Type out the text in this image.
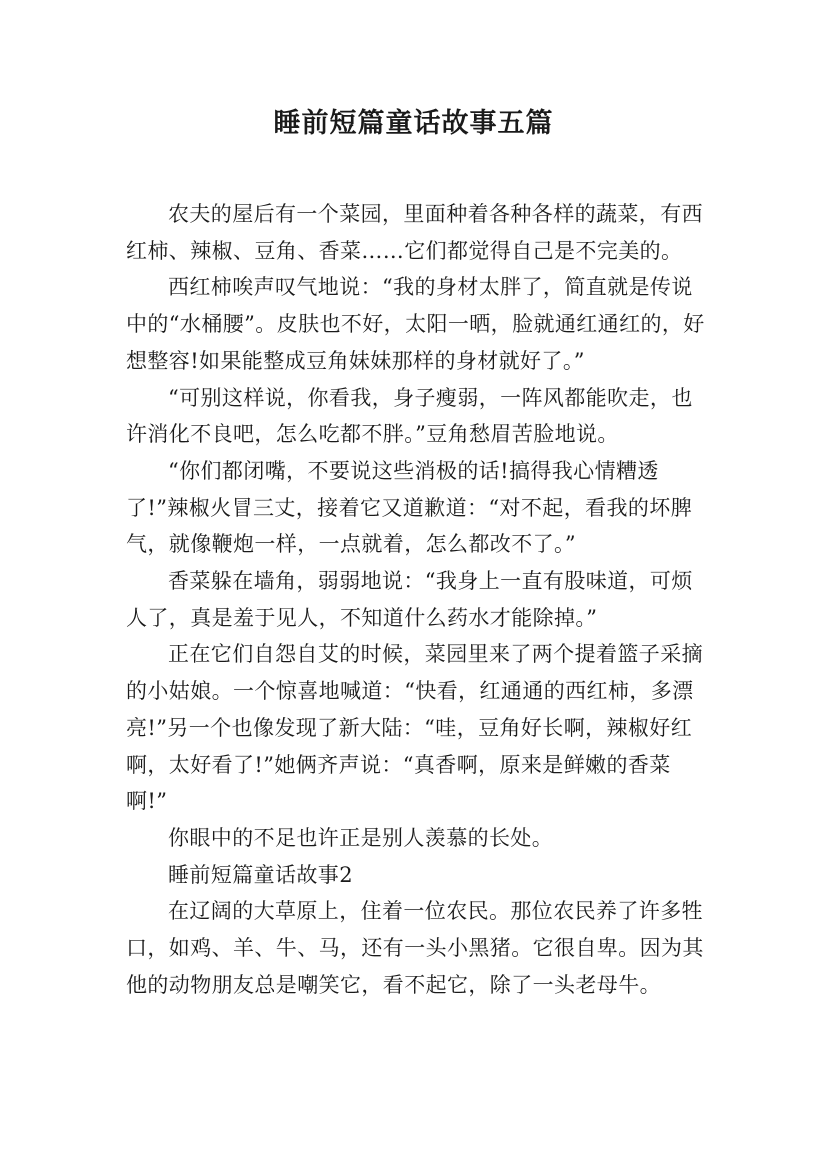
睡前短篇童话故事五篇

农夫的屋后有一个菜园，里面种着各种各样的蔬菜，有西红柿、辣椒、豆角、香菜……它们都觉得自己是不完美的。

西红柿唉声叹气地说：“我的身材太胖了，简直就是传说中的“水桶腰”。皮肤也不好，太阳一晒，脸就通红通红的，好想整容!如果能整成豆角妹妹那样的身材就好了。”

“可别这样说，你看我，身子瘦弱，一阵风都能吹走，也许消化不良吧，怎么吃都不胖。”豆角愁眉苦脸地说。

“你们都闭嘴，不要说这些消极的话!搞得我心情糟透了!”辣椒火冒三丈，接着它又道歉道：“对不起，看我的坏脾气，就像鞭炮一样，一点就着，怎么都改不了。”

香菜躲在墙角，弱弱地说：“我身上一直有股味道，可烦人了，真是羞于见人，不知道什么药水才能除掉。”

正在它们自怨自艾的时候，菜园里来了两个提着篮子采摘的小姑娘。一个惊喜地喊道：“快看，红通通的西红柿，多漂亮!”另一个也像发现了新大陆：“哇，豆角好长啊，辣椒好红啊，太好看了!”她俩齐声说：“真香啊，原来是鲜嫩的香菜啊!”

你眼中的不足也许正是别人羡慕的长处。

睡前短篇童话故事2

在辽阔的大草原上，住着一位农民。那位农民养了许多牲口，如鸡、羊、牛、马，还有一头小黑猪。它很自卑。因为其他的动物朋友总是嘲笑它，看不起它，除了一头老母牛。
